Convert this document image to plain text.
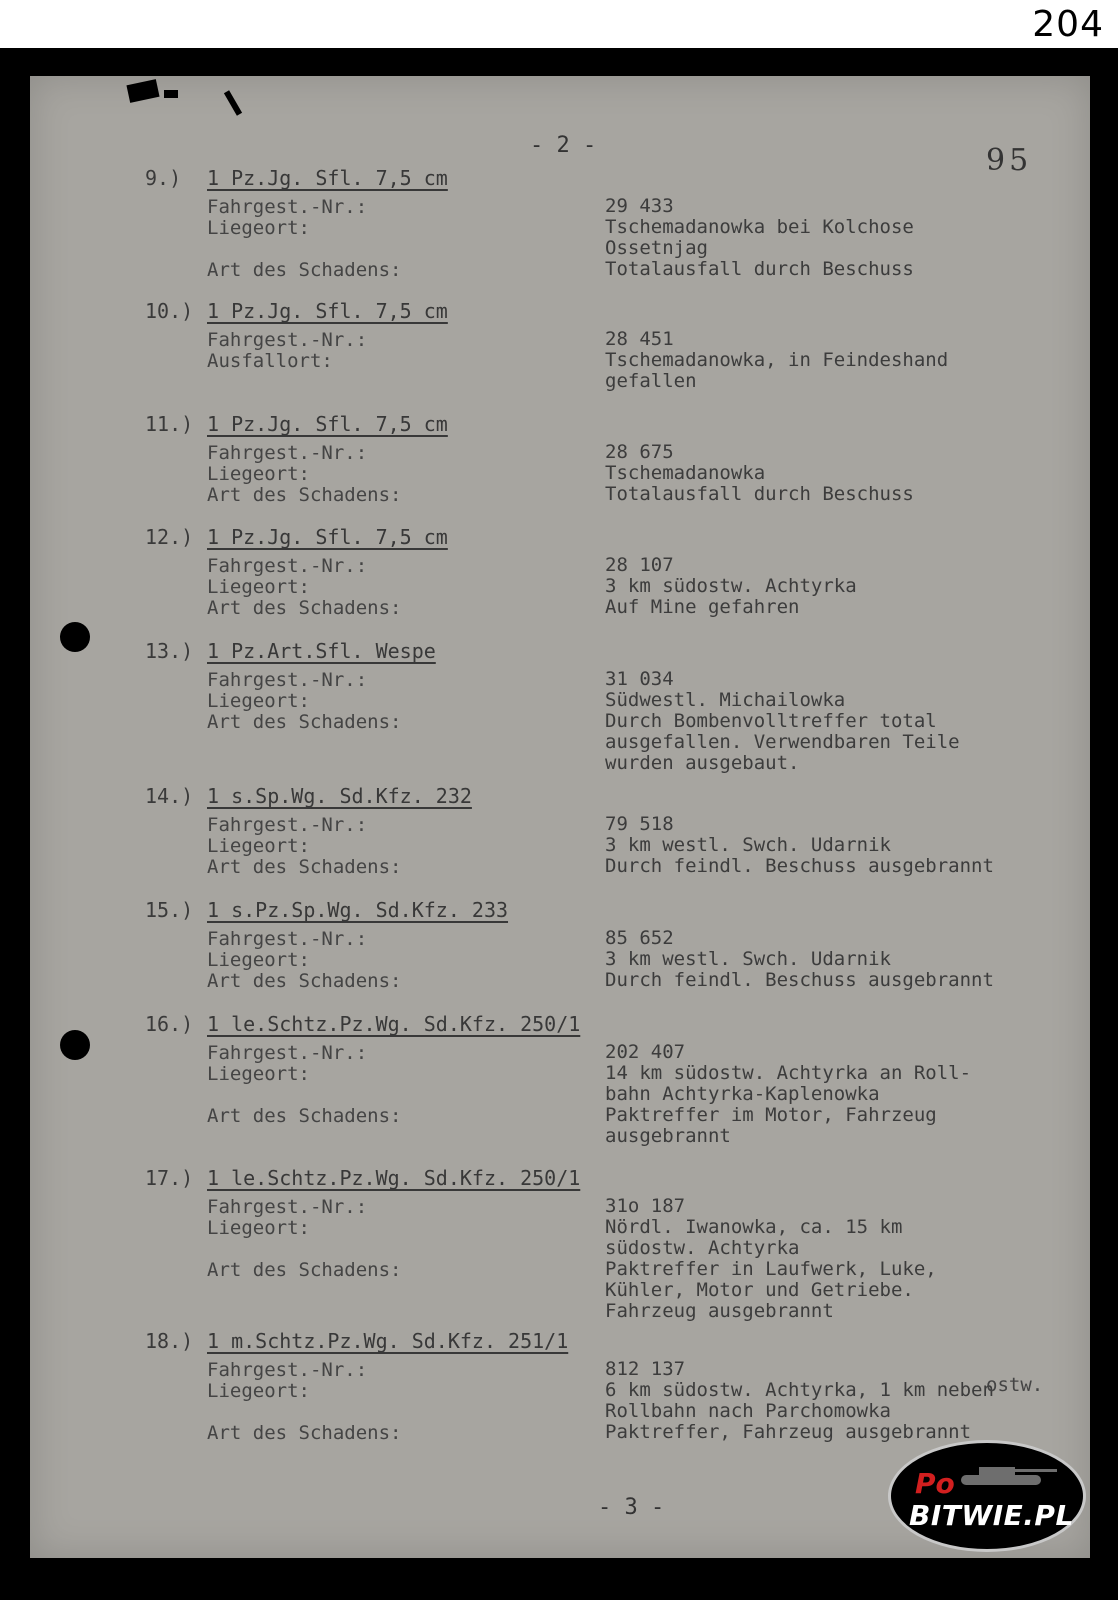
204
- 2 -	95
9.) 1 Pz.Jg. Sfl. 7,5 cm
Fahrgest.-Nr.:	29 433
Liegeort:	Tschemadanowka bei Kolchose
Ossetnjag
Art des Schadens:	Totalausfall durch Beschuss
10.) 1 Pz.Jg. Sfl. 7,5 cm
Fahrgest.-Nr.:	28 451
Ausfallort:	Tschemadanowka, in Feindeshand
gefallen
11.) 1 Pz.Jg. Sfl. 7,5 cm
Fahrgest.-Nr.:	28 675
Liegeort:	Tschemadanowka
Art des Schadens:	Totalausfall durch Beschuss
12.) 1 Pz.Jg. Sfl. 7,5 cm
Fahrgest.-Nr.:	28 107
Liegeort:	3 km südostw. Achtyrka
Art des Schadens:	Auf Mine gefahren
13.) 1 Pz.Art.Sfl. Wespe
Fahrgest.-Nr.:	31 034
Liegeort:	Südwestl. Michailowka
Art des Schadens:	Durch Bombenvolltreffer total
ausgefallen. Verwendbaren Teile
wurden ausgebaut.
14.) 1 s.Sp.Wg. Sd.Kfz. 232
Fahrgest.-Nr.:	79 518
Liegeort:	3 km westl. Swch. Udarnik
Art des Schadens:	Durch feindl. Beschuss ausgebrannt
15.) 1 s.Pz.Sp.Wg. Sd.Kfz. 233
Fahrgest.-Nr.:	85 652
Liegeort:	3 km westl. Swch. Udarnik
Art des Schadens:	Durch feindl. Beschuss ausgebrannt
16.) 1 le.Schtz.Pz.Wg. Sd.Kfz. 250/1
Fahrgest.-Nr.:	202 407
Liegeort:	14 km südostw. Achtyrka an Roll-
bahn Achtyrka-Kaplenowka
Art des Schadens:	Paktreffer im Motor, Fahrzeug
ausgebrannt
17.) 1 le.Schtz.Pz.Wg. Sd.Kfz. 250/1
Fahrgest.-Nr.:	31o 187
Liegeort:	Nördl. Iwanowka, ca. 15 km
südostw. Achtyrka
Art des Schadens:	Paktreffer in Laufwerk, Luke,
Kühler, Motor und Getriebe.
Fahrzeug ausgebrannt
18.) 1 m.Schtz.Pz.Wg. Sd.Kfz. 251/1
Fahrgest.-Nr.:	812 137
Liegeort:	6 km südostw. Achtyrka, 1 km neben
Rollbahn nach Parchomowka
Art des Schadens:	Paktreffer, Fahrzeug ausgebrannt
ostw.
- 3 -
Po
BITWIE.PL
